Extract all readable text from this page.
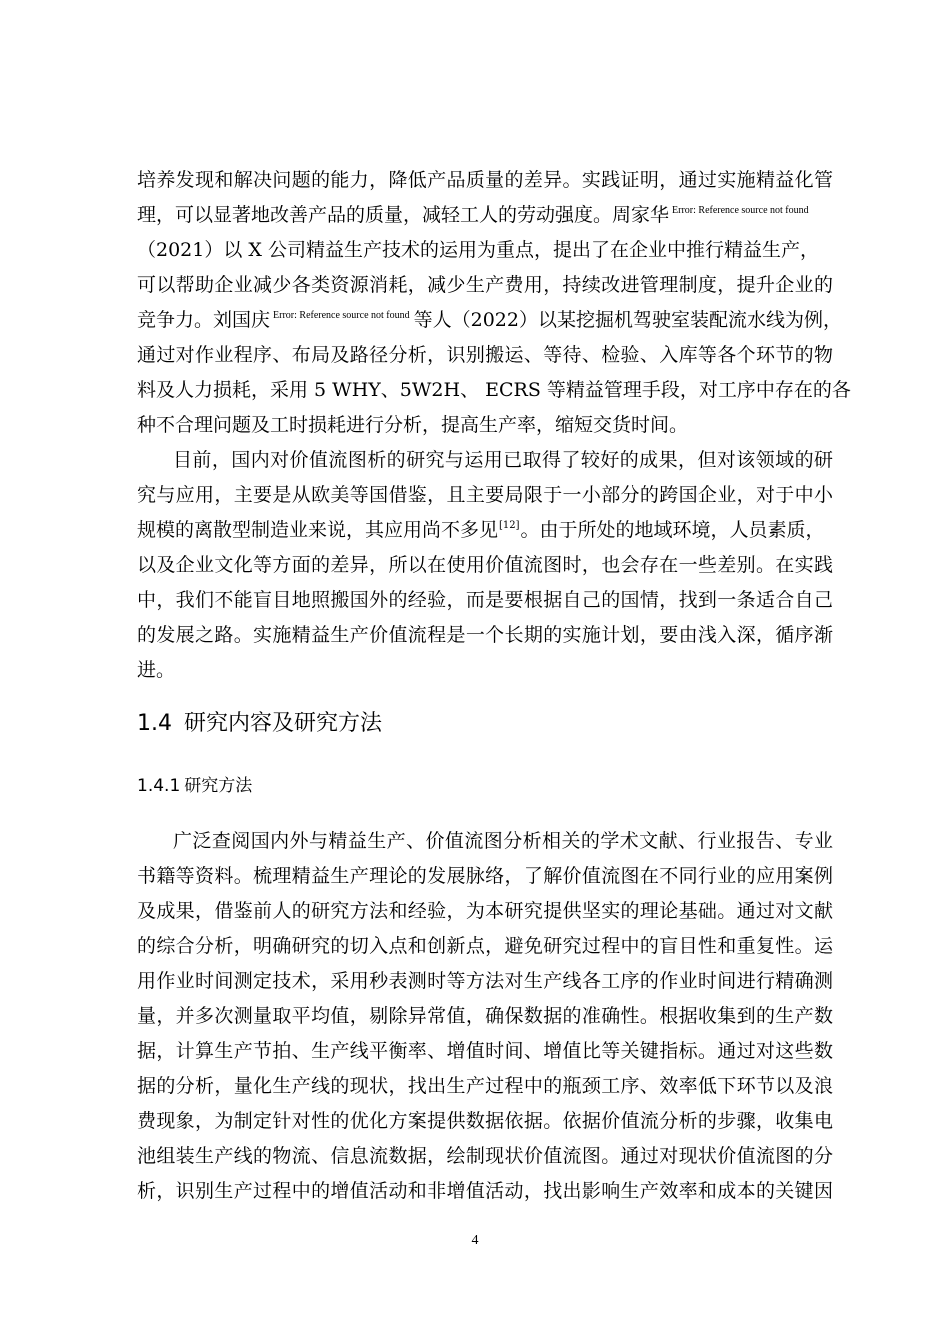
培养发现和解决问题的能力，降低产品质量的差异。实践证明，通过实施精益化管

理，可以显著地改善产品的质量，减轻工人的劳动强度。周家华 $^{Error: Reference source not found}$

（2021）以 X 公司精益生产技术的运用为重点，提出了在企业中推行精益生产，

可以帮助企业减少各类资源消耗，减少生产费用，持续改进管理制度，提升企业的

竞争力。刘国庆 $^{Error: Reference source not found}$ 等人（2022）以某挖掘机驾驶室装配流水线为例，

通过对作业程序、布局及路径分析，识别搬运、等待、检验、入库等各个环节的物

料及人力损耗，采用 5 WHY、5W2H、 ECRS 等精益管理手段，对工序中存在的各

种不合理问题及工时损耗进行分析，提高生产率，缩短交货时间。

目前，国内对价值流图析的研究与运用已取得了较好的成果，但对该领域的研

究与应用，主要是从欧美等国借鉴，且主要局限于一小部分的跨国企业，对于中小

规模的离散型制造业来说，其应用尚不多见[12]。由于所处的地域环境，人员素质，

以及企业文化等方面的差异，所以在使用价值流图时，也会存在一些差别。在实践

中，我们不能盲目地照搬国外的经验，而是要根据自己的国情，找到一条适合自己

的发展之路。实施精益生产价值流程是一个长期的实施计划，要由浅入深，循序渐

进。

1.4 研究内容及研究方法
1.4.1 研究方法

广泛查阅国内外与精益生产、价值流图分析相关的学术文献、行业报告、专业

书籍等资料。梳理精益生产理论的发展脉络，了解价值流图在不同行业的应用案例

及成果，借鉴前人的研究方法和经验，为本研究提供坚实的理论基础。通过对文献

的综合分析，明确研究的切入点和创新点，避免研究过程中的盲目性和重复性。运

用作业时间测定技术，采用秒表测时等方法对生产线各工序的作业时间进行精确测

量，并多次测量取平均值，剔除异常值，确保数据的准确性。根据收集到的生产数

据，计算生产节拍、生产线平衡率、增值时间、增值比等关键指标。通过对这些数

据的分析，量化生产线的现状，找出生产过程中的瓶颈工序、效率低下环节以及浪

费现象，为制定针对性的优化方案提供数据依据。依据价值流分析的步骤，收集电

池组装生产线的物流、信息流数据，绘制现状价值流图。通过对现状价值流图的分

析，识别生产过程中的增值活动和非增值活动，找出影响生产效率和成本的关键因

4
